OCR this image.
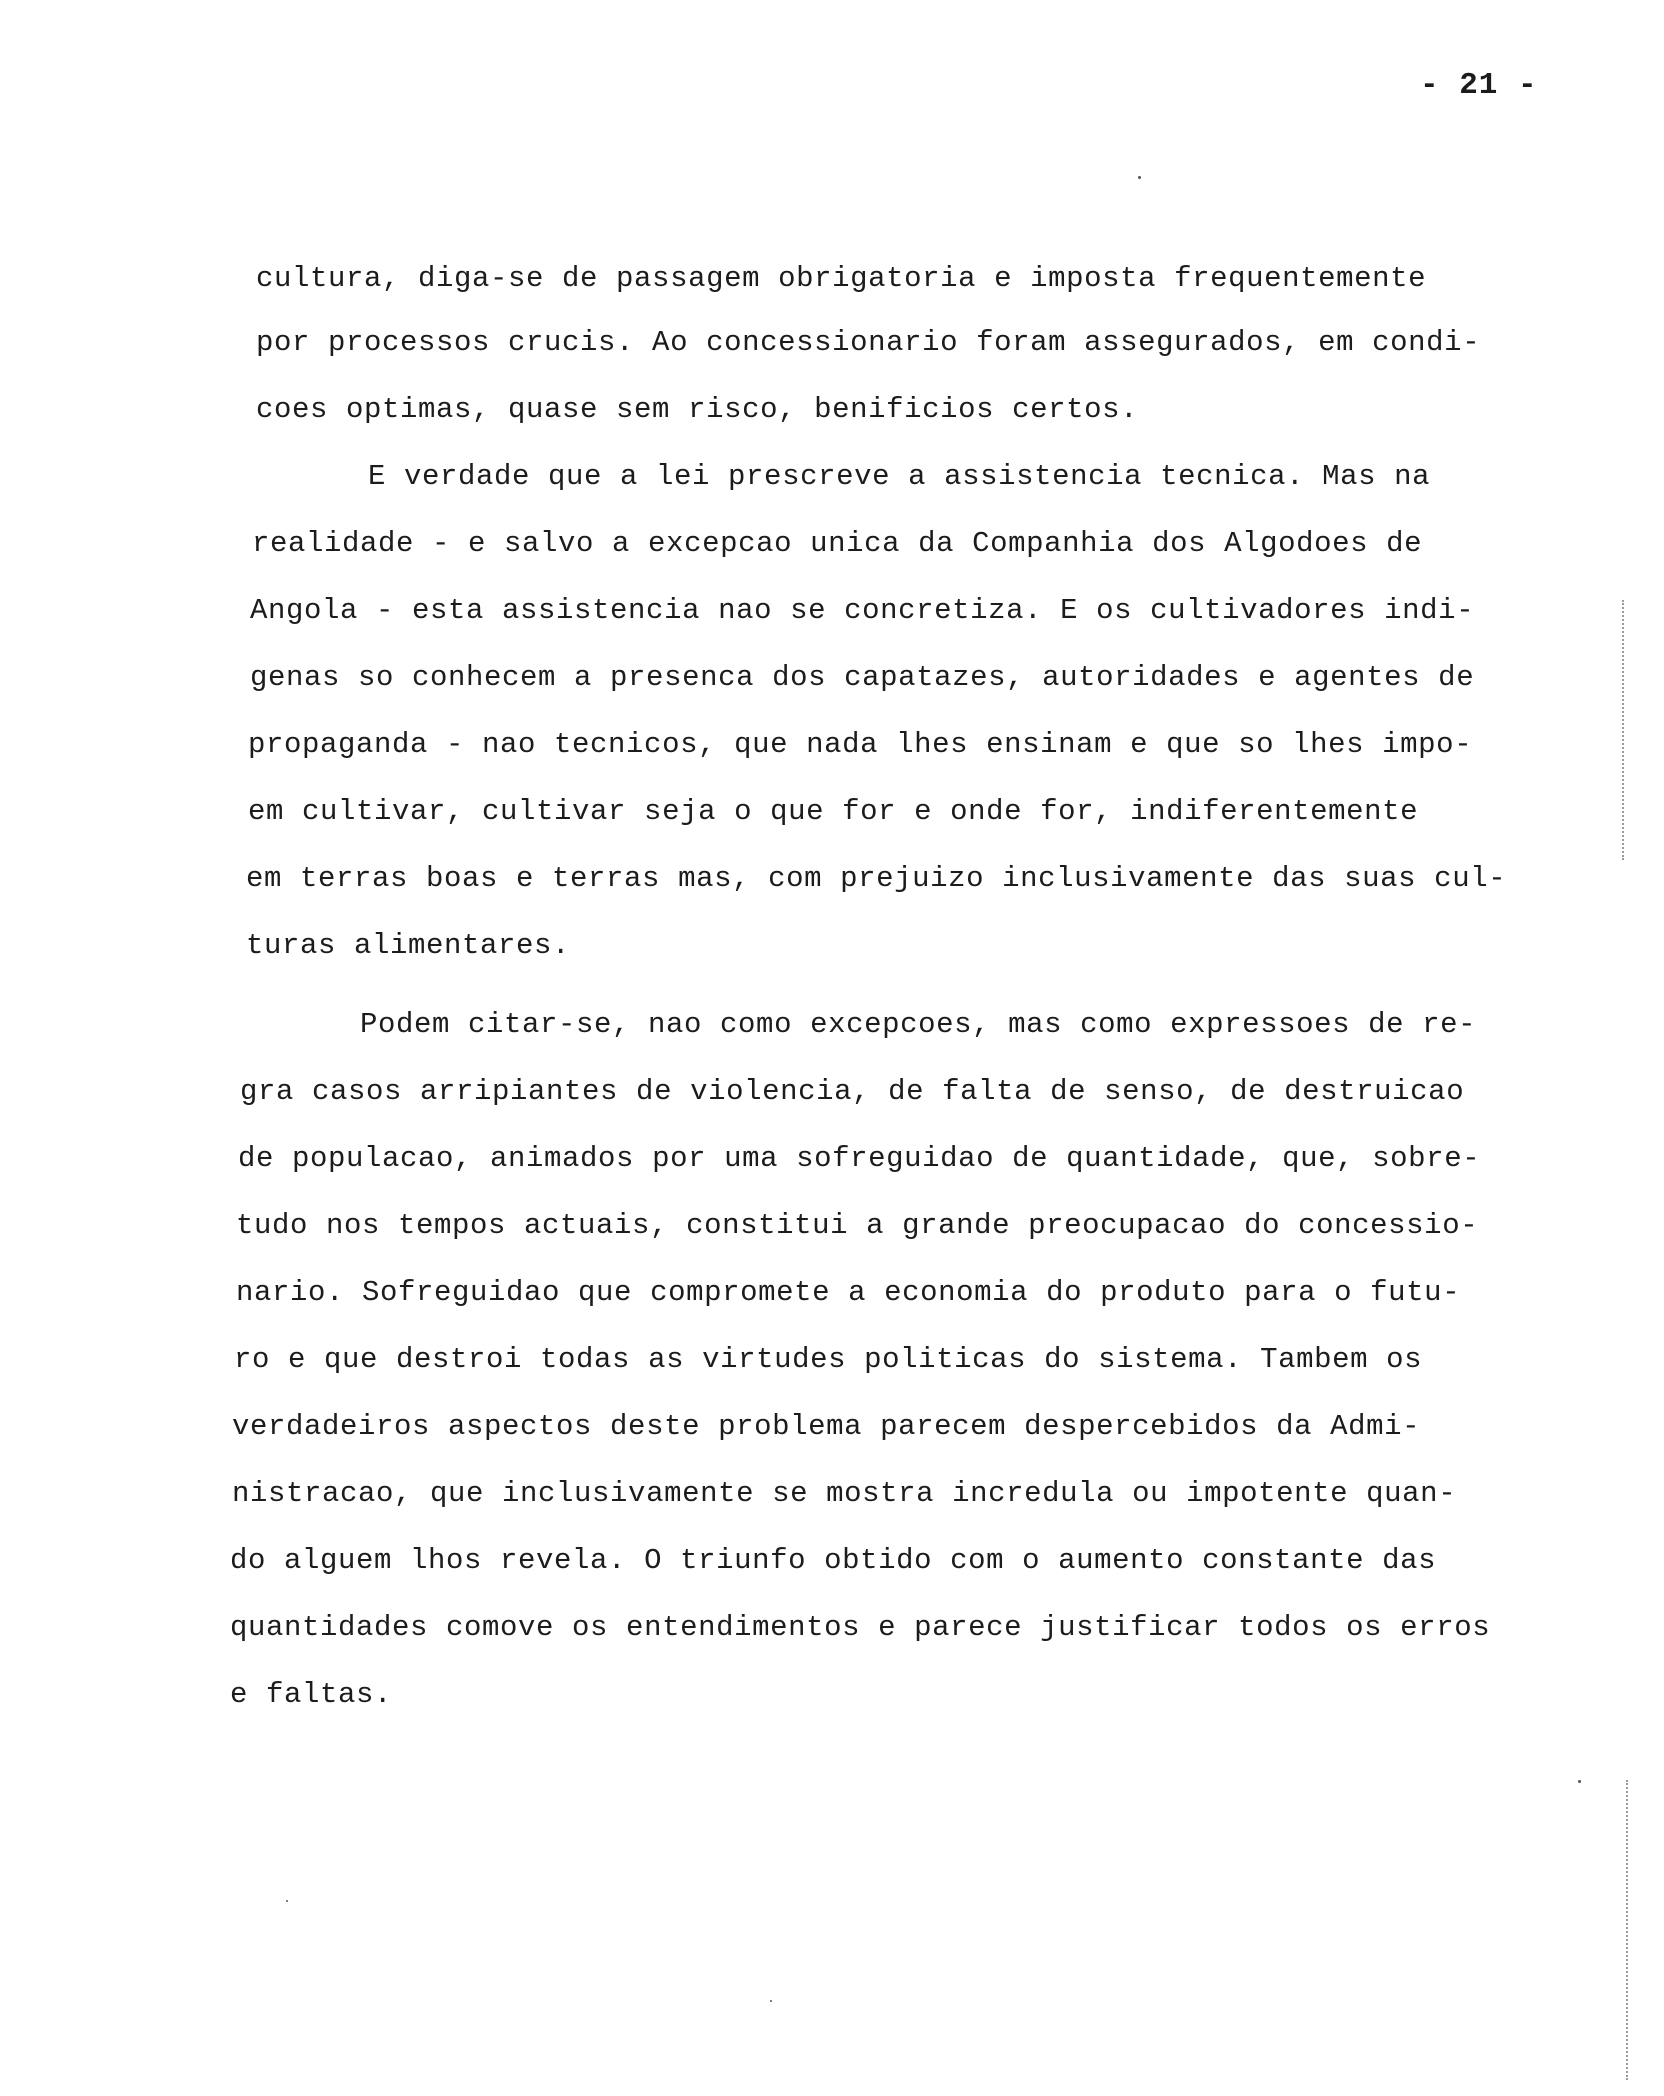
- 21 -
cultura, diga-se de passagem obrigatoria e imposta frequentemente
por processos crucis. Ao concessionario foram assegurados, em condi-
coes optimas, quase sem risco, benificios certos.
E verdade que a lei prescreve a assistencia tecnica. Mas na
realidade - e salvo a excepcao unica da Companhia dos Algodoes de
Angola - esta assistencia nao se concretiza. E os cultivadores indi-
genas so conhecem a presenca dos capatazes, autoridades e agentes de
propaganda - nao tecnicos, que nada lhes ensinam e que so lhes impo-
em cultivar, cultivar seja o que for e onde for, indiferentemente
em terras boas e terras mas, com prejuizo inclusivamente das suas cul-
turas alimentares.
Podem citar-se, nao como excepcoes, mas como expressoes de re-
gra casos arripiantes de violencia, de falta de senso, de destruicao
de populacao, animados por uma sofreguidao de quantidade, que, sobre-
tudo nos tempos actuais, constitui a grande preocupacao do concessio-
nario. Sofreguidao que compromete a economia do produto para o futu-
ro e que destroi todas as virtudes politicas do sistema. Tambem os
verdadeiros aspectos deste problema parecem despercebidos da Admi-
nistracao, que inclusivamente se mostra incredula ou impotente quan-
do alguem lhos revela. O triunfo obtido com o aumento constante das
quantidades comove os entendimentos e parece justificar todos os erros
e faltas.
